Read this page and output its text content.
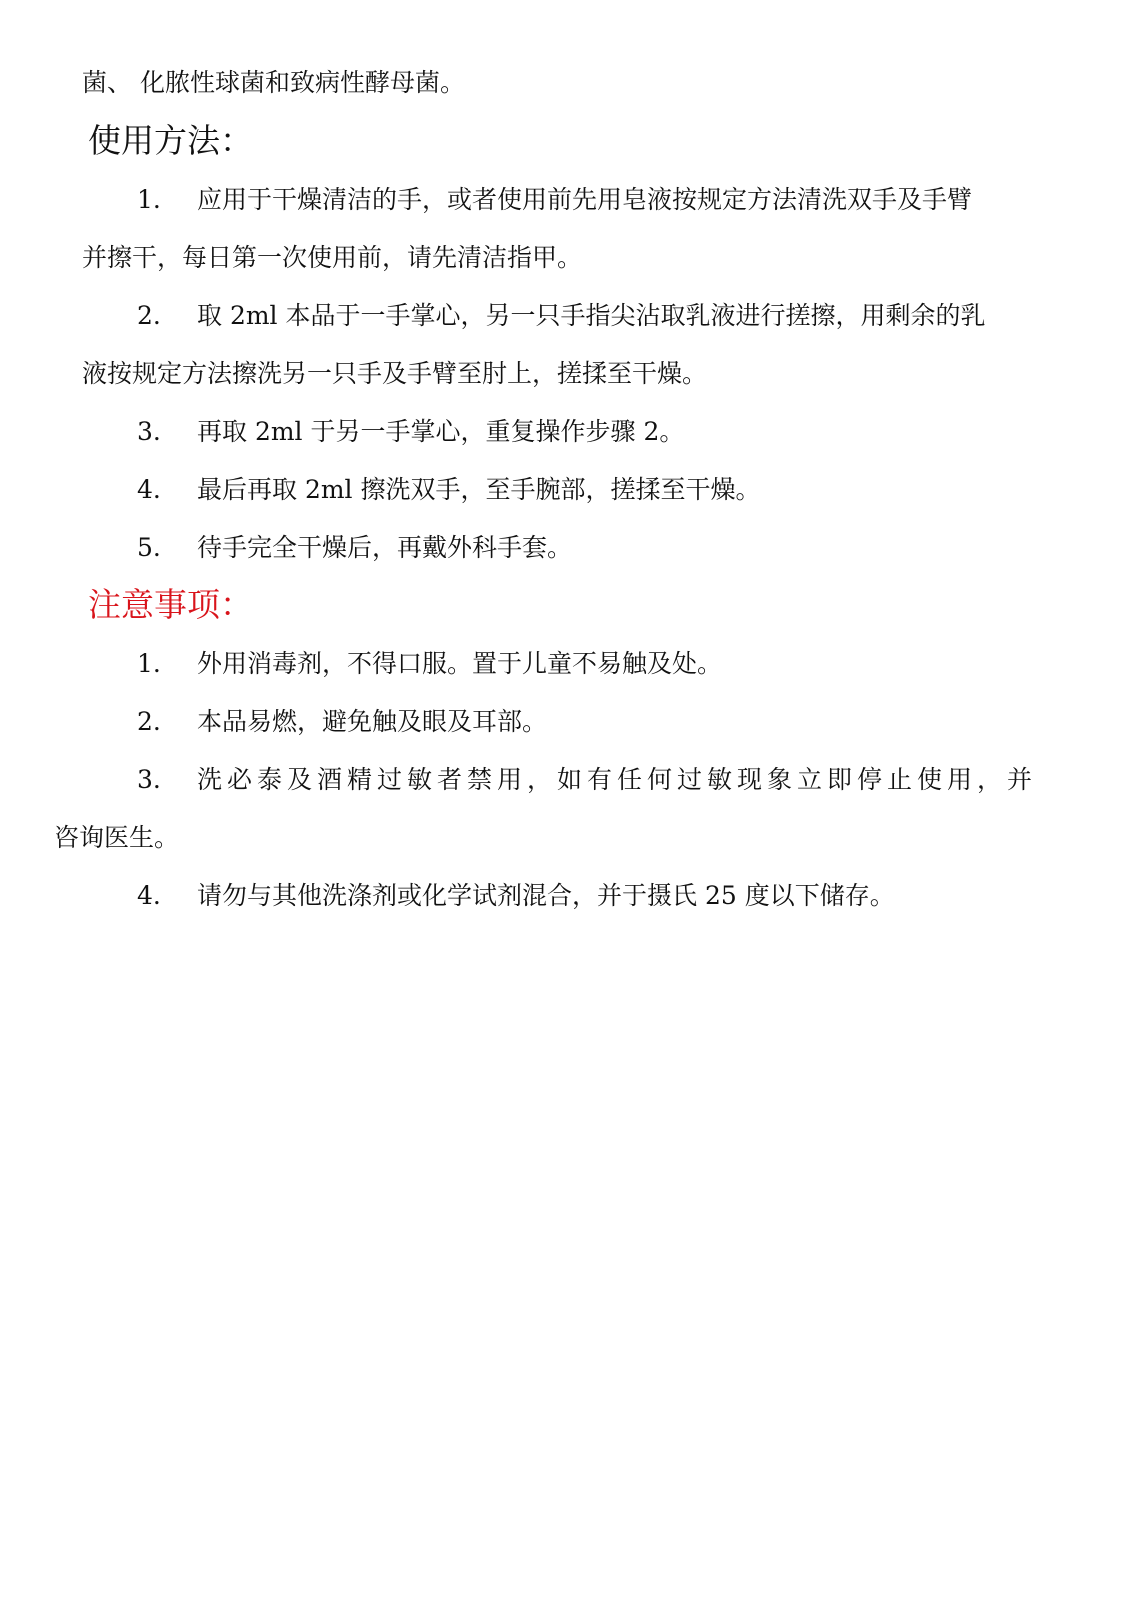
菌、 化脓性球菌和致病性酵母菌。
使用方法：
1. 应用于干燥清洁的手，或者使用前先用皂液按规定方法清洗双手及手臂
并擦干，每日第一次使用前，请先清洁指甲。
2. 取 2ml 本品于一手掌心，另一只手指尖沾取乳液进行搓擦，用剩余的乳
液按规定方法擦洗另一只手及手臂至肘上，搓揉至干燥。
3. 再取 2ml 于另一手掌心，重复操作步骤 2。
4. 最后再取 2ml 擦洗双手，至手腕部，搓揉至干燥。
5. 待手完全干燥后，再戴外科手套。
注意事项：
1. 外用消毒剂，不得口服。置于儿童不易触及处。
2. 本品易燃，避免触及眼及耳部。
3. 洗必泰及酒精过敏者禁用，如有任何过敏现象立即停止使用，并
咨询医生。
4. 请勿与其他洗涤剂或化学试剂混合，并于摄氏 25 度以下储存。
